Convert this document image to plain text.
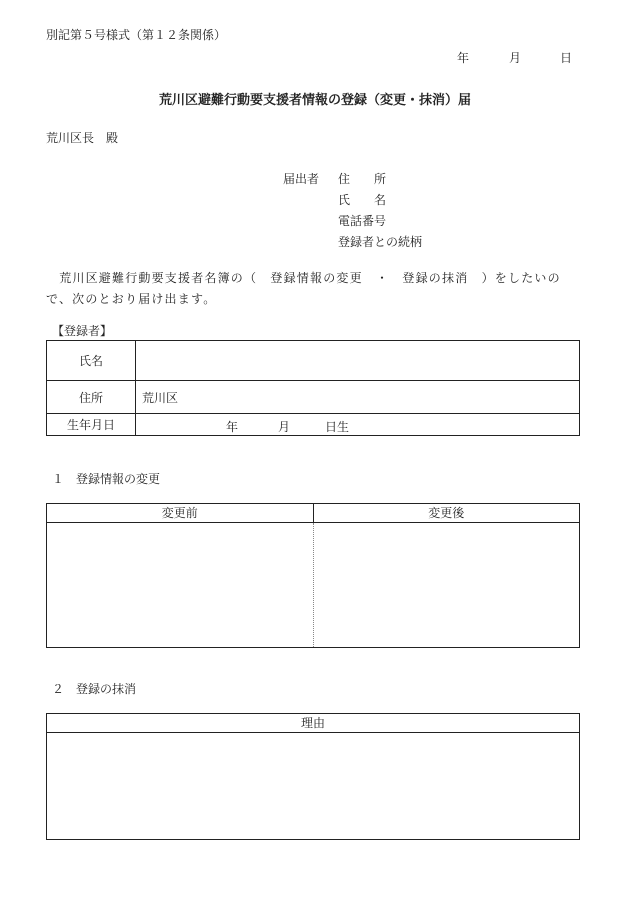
別記第５号様式（第１２条関係）
年	月	日
荒川区避難行動要支援者情報の登録（変更・抹消）届
荒川区長　殿
届出者 住　　所
氏　　名
電話番号
登録者との続柄
　荒川区避難行動要支援者名簿の（　登録情報の変更　・　登録の抹消　）をしたいので、次のとおり届け出ます。
【登録者】
氏名	
住所	荒川区
生年月日	年 月 日生
１　登録情報の変更
変更前	変更後
２　登録の抹消
理由
